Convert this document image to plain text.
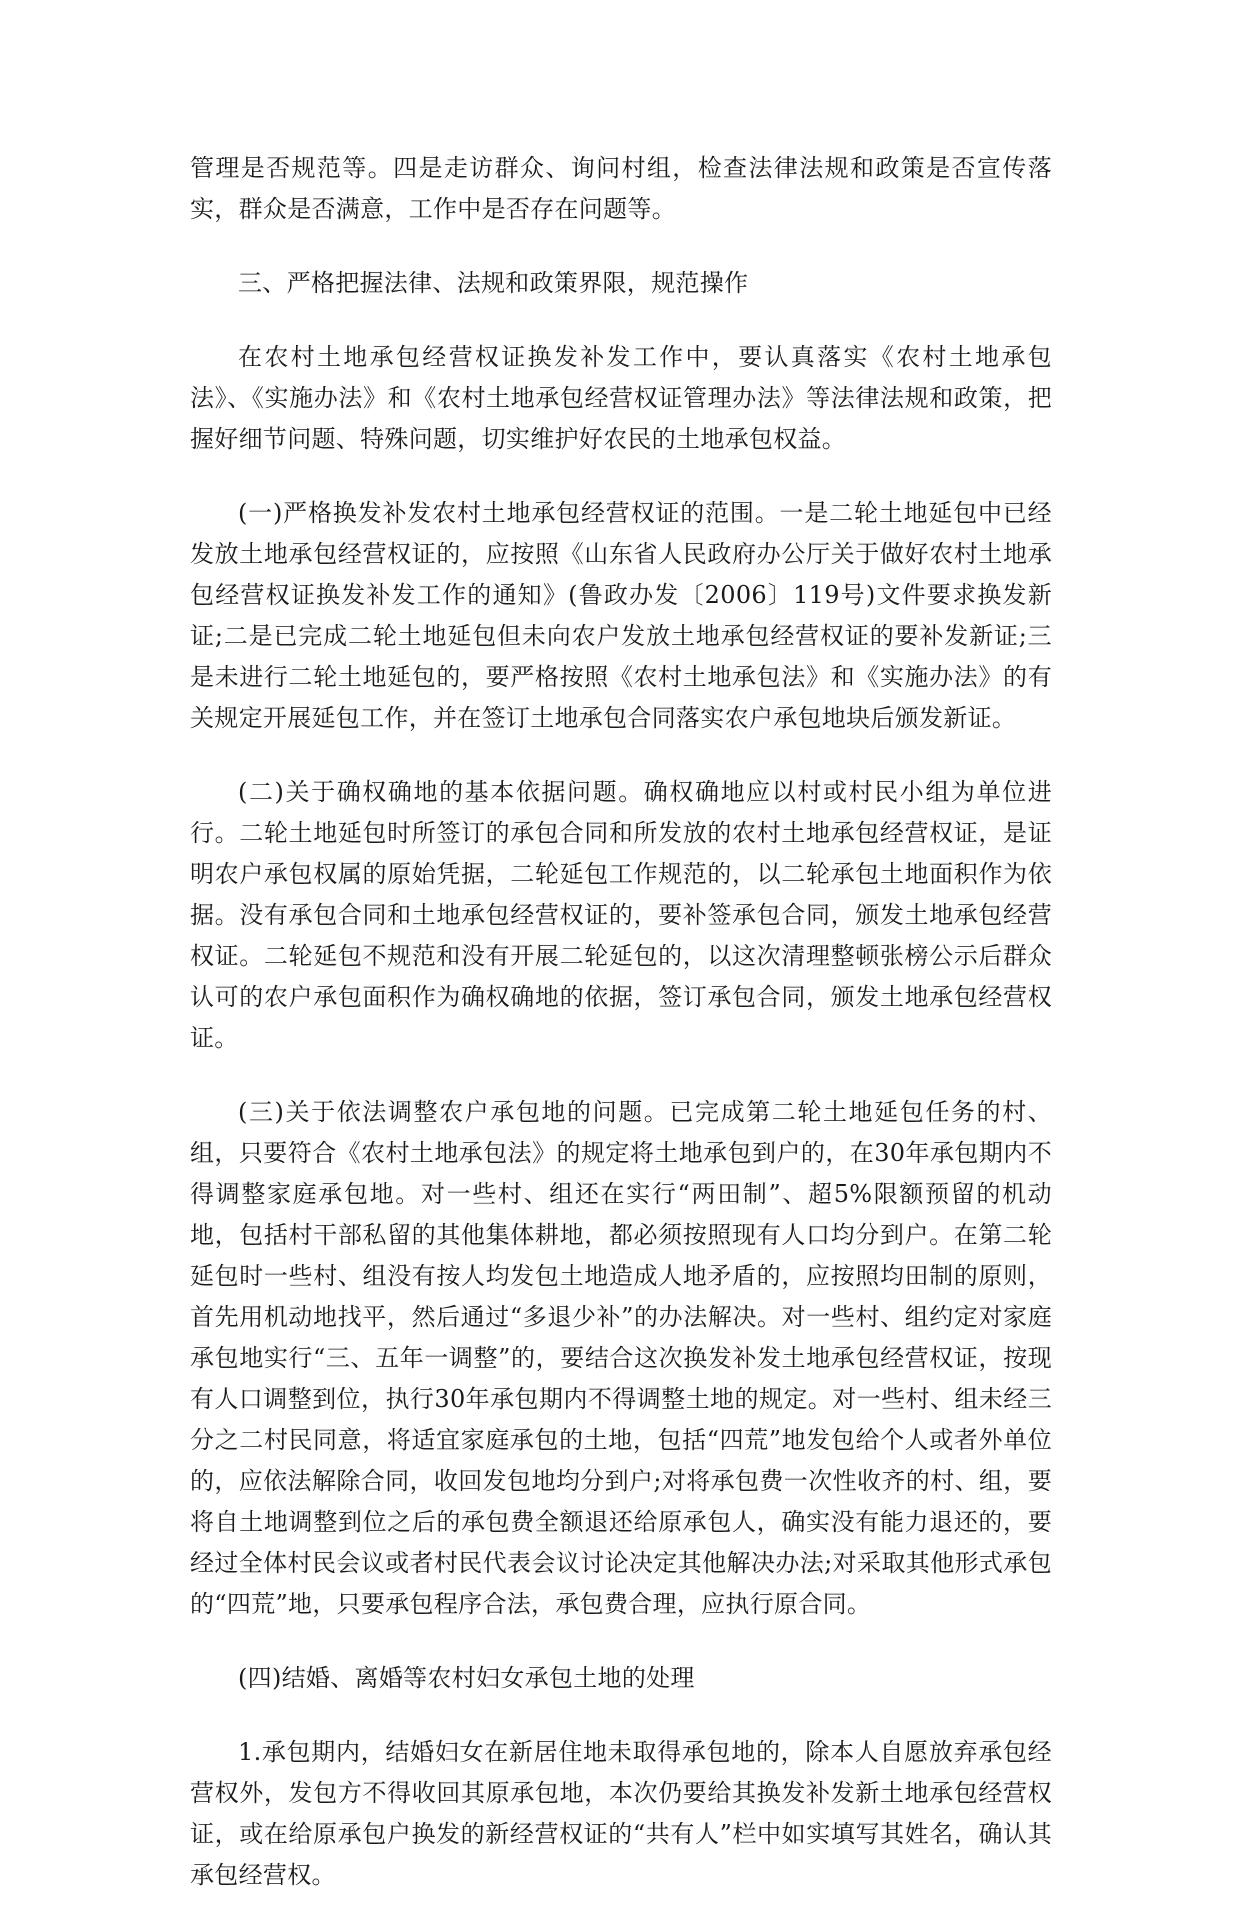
管理是否规范等。四是走访群众、询问村组，检查法律法规和政策是否宣传落实，群众是否满意，工作中是否存在问题等。

三、严格把握法律、法规和政策界限，规范操作

在农村土地承包经营权证换发补发工作中，要认真落实《农村土地承包法》、《实施办法》和《农村土地承包经营权证管理办法》等法律法规和政策，把握好细节问题、特殊问题，切实维护好农民的土地承包权益。

(一)严格换发补发农村土地承包经营权证的范围。一是二轮土地延包中已经发放土地承包经营权证的，应按照《山东省人民政府办公厅关于做好农村土地承包经营权证换发补发工作的通知》(鲁政办发〔2006〕119号)文件要求换发新证;二是已完成二轮土地延包但未向农户发放土地承包经营权证的要补发新证;三是未进行二轮土地延包的，要严格按照《农村土地承包法》和《实施办法》的有关规定开展延包工作，并在签订土地承包合同落实农户承包地块后颁发新证。

(二)关于确权确地的基本依据问题。确权确地应以村或村民小组为单位进行。二轮土地延包时所签订的承包合同和所发放的农村土地承包经营权证，是证明农户承包权属的原始凭据，二轮延包工作规范的，以二轮承包土地面积作为依据。没有承包合同和土地承包经营权证的，要补签承包合同，颁发土地承包经营权证。二轮延包不规范和没有开展二轮延包的，以这次清理整顿张榜公示后群众认可的农户承包面积作为确权确地的依据，签订承包合同，颁发土地承包经营权证。

(三)关于依法调整农户承包地的问题。已完成第二轮土地延包任务的村、组，只要符合《农村土地承包法》的规定将土地承包到户的，在30年承包期内不得调整家庭承包地。对一些村、组还在实行“两田制”、超5%限额预留的机动地，包括村干部私留的其他集体耕地，都必须按照现有人口均分到户。在第二轮延包时一些村、组没有按人均发包土地造成人地矛盾的，应按照均田制的原则，首先用机动地找平，然后通过“多退少补”的办法解决。对一些村、组约定对家庭承包地实行“三、五年一调整”的，要结合这次换发补发土地承包经营权证，按现有人口调整到位，执行30年承包期内不得调整土地的规定。对一些村、组未经三分之二村民同意，将适宜家庭承包的土地，包括“四荒”地发包给个人或者外单位的，应依法解除合同，收回发包地均分到户;对将承包费一次性收齐的村、组，要将自土地调整到位之后的承包费全额退还给原承包人，确实没有能力退还的，要经过全体村民会议或者村民代表会议讨论决定其他解决办法;对采取其他形式承包的“四荒”地，只要承包程序合法，承包费合理，应执行原合同。

(四)结婚、离婚等农村妇女承包土地的处理

1.承包期内，结婚妇女在新居住地未取得承包地的，除本人自愿放弃承包经营权外，发包方不得收回其原承包地，本次仍要给其换发补发新土地承包经营权证，或在给原承包户换发的新经营权证的“共有人”栏中如实填写其姓名，确认其承包经营权。
